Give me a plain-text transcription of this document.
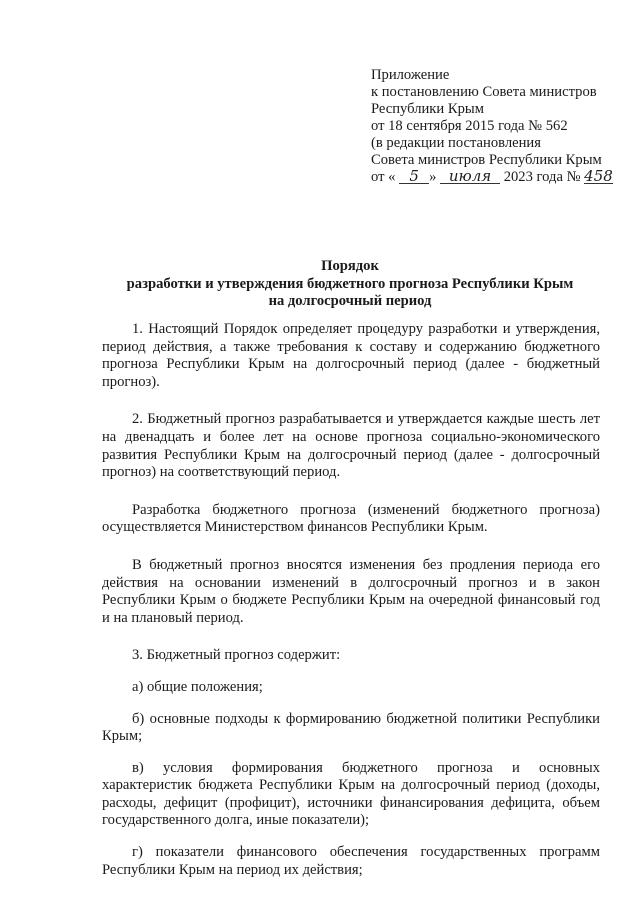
Приложение
к постановлению Совета министров
Республики Крым
от 18 сентября 2015 года № 562
(в редакции постановления
Совета министров Республики Крым
от « 5 » июля 2023 года № 458
Порядок
разработки и утверждения бюджетного прогноза Республики Крым
на долгосрочный период

1. Настоящий Порядок определяет процедуру разработки и утверждения, период действия, а также требования к составу и содержанию бюджетного прогноза Республики Крым на долгосрочный период (далее - бюджетный прогноз).

2. Бюджетный прогноз разрабатывается и утверждается каждые шесть лет на двенадцать и более лет на основе прогноза социально-экономического развития Республики Крым на долгосрочный период (далее - долгосрочный прогноз) на соответствующий период.

Разработка бюджетного прогноза (изменений бюджетного прогноза) осуществляется Министерством финансов Республики Крым.

В бюджетный прогноз вносятся изменения без продления периода его действия на основании изменений в долгосрочный прогноз и в закон Республики Крым о бюджете Республики Крым на очередной финансовый год и на плановый период.

3. Бюджетный прогноз содержит:

а) общие положения;

б) основные подходы к формированию бюджетной политики Республики Крым;

в) условия формирования бюджетного прогноза и основных характеристик бюджета Республики Крым на долгосрочный период (доходы, расходы, дефицит (профицит), источники финансирования дефицита, объем государственного долга, иные показатели);

г) показатели финансового обеспечения государственных программ Республики Крым на период их действия;
